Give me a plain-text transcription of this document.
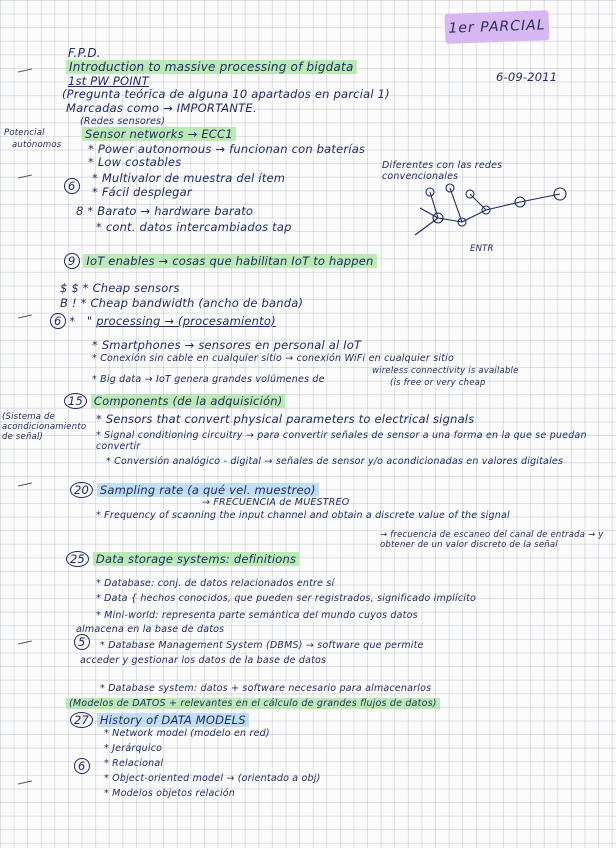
1er PARCIAL
F.P.D.
Introduction to massive processing of bigdata
1st PW POINT	6-09-2011
(Pregunta teórica de alguna 10 apartados en parcial 1)
Marcadas como → IMPORTANTE.
(Redes sensores)
Sensor networks → ECC1
Potencial
autónomos * Power autonomous → funcionan con baterías
* Low costables
6
* Multivalor de muestra del ítem
* Fácil desplegar
8 * Barato → hardware barato
* cont. datos intercambiados tap
Diferentes con las redes convencionales
ENTR
9 IoT enables → cosas que habilitan IoT to happen
$ $ * Cheap sensors
B ! * Cheap bandwidth (ancho de banda)
6 *   " processing → (procesamiento)
* Smartphones → sensores en personal al IoT
* Conexión sin cable en cualquier sitio → conexión WiFi en cualquier sitio
wireless connectivity is available
* Big data → IoT genera grandes volúmenes de	(is free or very cheap
15 Components (de la adquisición)
(Sistema de acondicionamiento de señal)
* Sensors that convert physical parameters to electrical signals
* Signal conditioning circuitry → para convertir señales de sensor a una forma en la que se puedan convertir
* Conversión analógico - digital → señales de sensor y/o acondicionadas en valores digitales
20 Sampling rate (a qué vel. muestreo)
→ FRECUENCIA de MUESTREO
* Frequency of scanning the input channel and obtain a discrete value of the signal
→ frecuencia de escaneo del canal de entrada → y obtener de un valor discreto de la señal
25 Data storage systems: definitions
* Database: conj. de datos relacionados entre sí
* Data { hechos conocidos, que pueden ser registrados, significado implícito
* Mini-world: representa parte semántica del mundo cuyos datos
almacena en la base de datos
5	* Database Management System (DBMS) → software que permite
acceder y gestionar los datos de la base de datos
* Database system: datos + software necesario para almacenarlos
(Modelos de DATOS + relevantes en el cálculo de grandes flujos de datos)
27 History of DATA MODELS
* Network model (modelo en red)
* Jerárquico
6	* Relacional
* Object-oriented model → (orientado a obj)
* Modelos objetos relación
